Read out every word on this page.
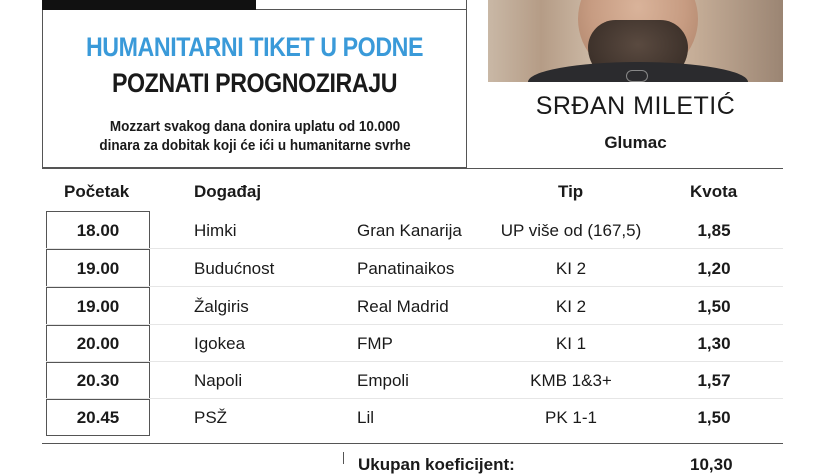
HUMANITARNI TIKET U PODNE
POZNATI PROGNOZIRAJU
Mozzart svakog dana donira uplatu od 10.000
dinara za dobitak koji će ići u humanitarne svrhe
SRĐAN MILETIĆ
Glumac
Početak	Događaj	Tip	Kvota
18.00	Himki	Gran Kanarija	UP više od (167,5)	1,85
19.00	Budućnost	Panatinaikos	KI 2	1,20
19.00	Žalgiris	Real Madrid	KI 2	1,50
20.00	Igokea	FMP	KI 1	1,30
20.30	Napoli	Empoli	KMB 1&3+	1,57
20.45	PSŽ	Lil	PK 1-1	1,50
Ukupan koeficijent:	10,30
